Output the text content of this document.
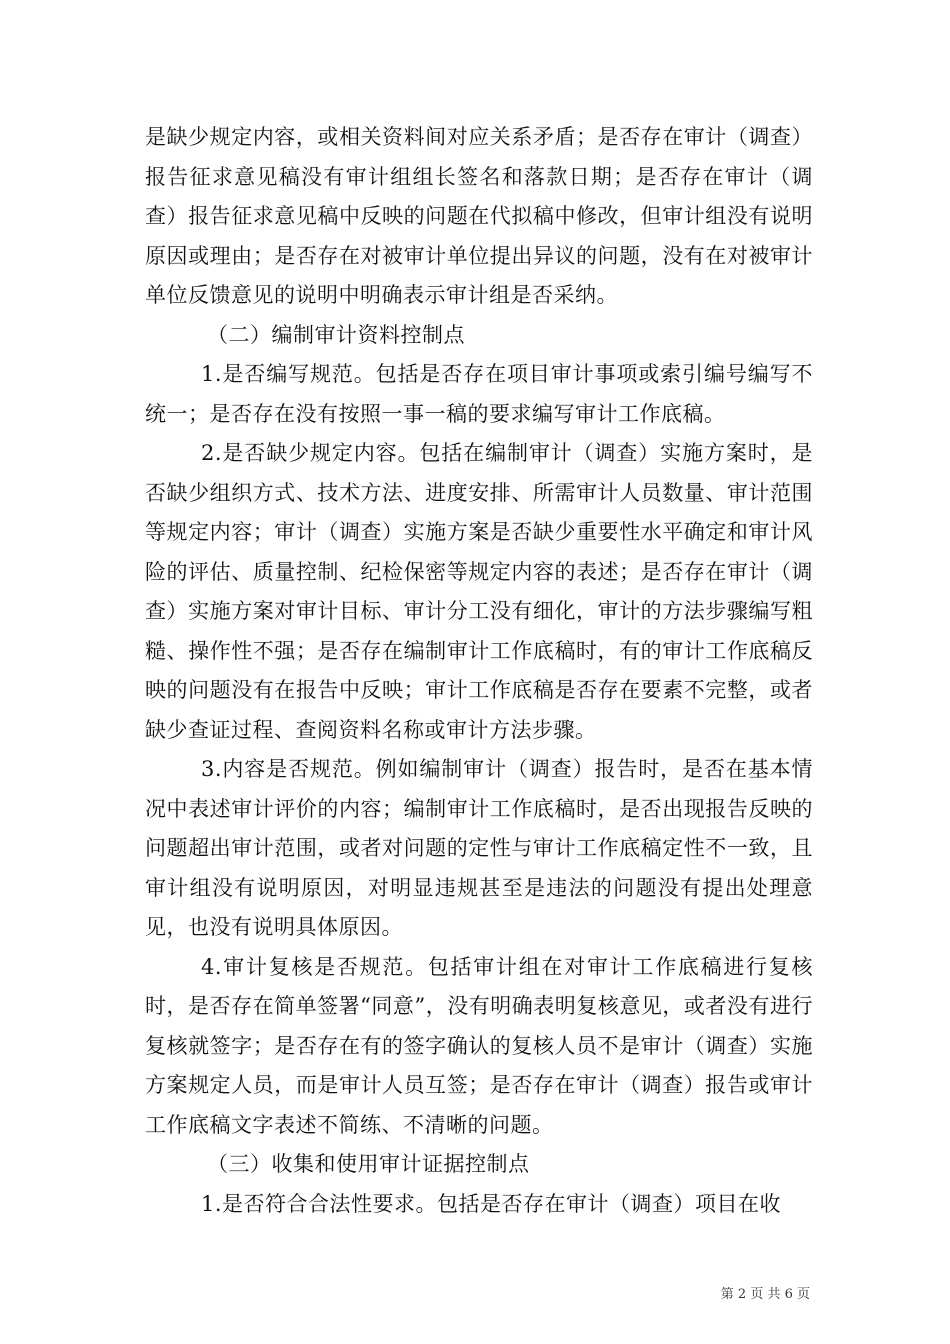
是缺少规定内容，或相关资料间对应关系矛盾；是否存在审计（调查）报告征求意见稿没有审计组组长签名和落款日期；是否存在审计（调查）报告征求意见稿中反映的问题在代拟稿中修改，但审计组没有说明原因或理由；是否存在对被审计单位提出异议的问题，没有在对被审计单位反馈意见的说明中明确表示审计组是否采纳。

（二）编制审计资料控制点

1.是否编写规范。包括是否存在项目审计事项或索引编号编写不统一；是否存在没有按照一事一稿的要求编写审计工作底稿。

2.是否缺少规定内容。包括在编制审计（调查）实施方案时，是否缺少组织方式、技术方法、进度安排、所需审计人员数量、审计范围等规定内容；审计（调查）实施方案是否缺少重要性水平确定和审计风险的评估、质量控制、纪检保密等规定内容的表述；是否存在审计（调查）实施方案对审计目标、审计分工没有细化，审计的方法步骤编写粗糙、操作性不强；是否存在编制审计工作底稿时，有的审计工作底稿反映的问题没有在报告中反映；审计工作底稿是否存在要素不完整，或者缺少查证过程、查阅资料名称或审计方法步骤。

3.内容是否规范。例如编制审计（调查）报告时，是否在基本情况中表述审计评价的内容；编制审计工作底稿时，是否出现报告反映的问题超出审计范围，或者对问题的定性与审计工作底稿定性不一致，且审计组没有说明原因，对明显违规甚至是违法的问题没有提出处理意见，也没有说明具体原因。

4.审计复核是否规范。包括审计组在对审计工作底稿进行复核时，是否存在简单签署“同意”，没有明确表明复核意见，或者没有进行复核就签字；是否存在有的签字确认的复核人员不是审计（调查）实施方案规定人员，而是审计人员互签；是否存在审计（调查）报告或审计工作底稿文字表述不简练、不清晰的问题。

（三）收集和使用审计证据控制点

1.是否符合合法性要求。包括是否存在审计（调查）项目在收

第 2 页 共 6 页
